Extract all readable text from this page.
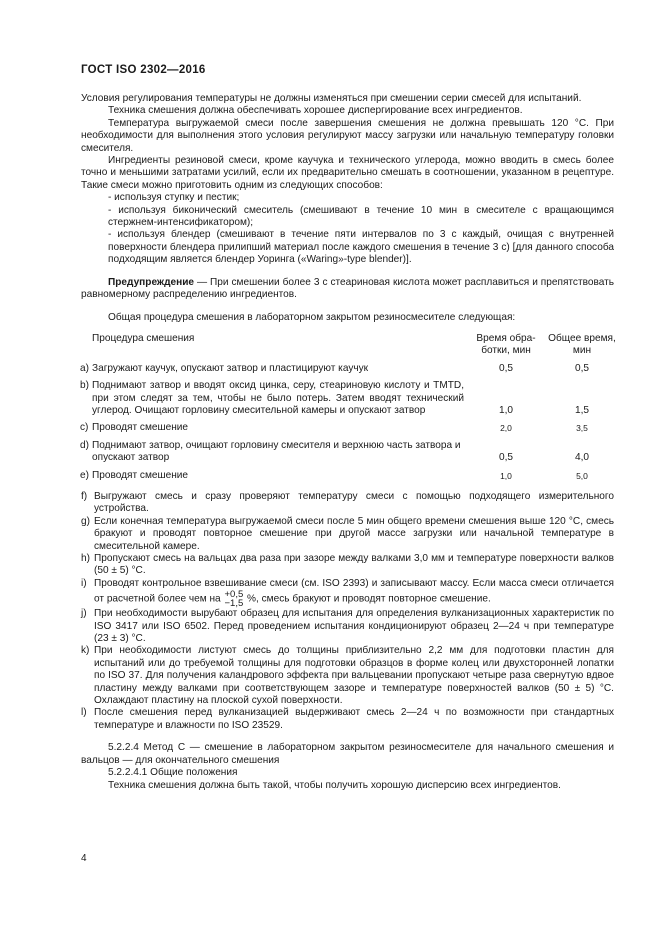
ГОСТ ISO 2302—2016

Условия регулирования температуры не должны изменяться при смешении серии смесей для испытаний.

Техника смешения должна обеспечивать хорошее диспергирование всех ингредиентов.

Температура выгружаемой смеси после завершения смешения не должна превышать 120 °С. При необходимости для выполнения этого условия регулируют массу загрузки или начальную температуру головки смесителя.

Ингредиенты резиновой смеси, кроме каучука и технического углерода, можно вводить в смесь более точно и меньшими затратами усилий, если их предварительно смешать в соотношении, указанном в рецептуре. Такие смеси можно приготовить одним из следующих способов:

- используя ступку и пестик;

- используя биконический смеситель (смешивают в течение 10 мин в смесителе с вращающимся стержнем-интенсификатором);

- используя блендер (смешивают в течение пяти интервалов по 3 с каждый, очищая с внутренней поверхности блендера прилипший материал после каждого смешения в течение 3 с) [для данного способа подходящим является блендер Уоринга («Waring»-type blender)].

Предупреждение — При смешении более 3 с стеариновая кислота может расплавиться и препятствовать равномерному распределению ингредиентов.

Общая процедура смешения в лабораторном закрытом резиносмесителе следующая:

	Процедура смешения	Время обра-
ботки, мин	Общее время,
мин
a)	Загружают каучук, опускают затвор и пластицируют каучук	0,5	0,5
b)	Поднимают затвор и вводят оксид цинка, серу, стеариновую кислоту и TMTD, при этом следят за тем, чтобы не было потерь. Затем вводят технический углерод. Очищают горловину смесительной камеры и опускают затвор	1,0	1,5
c)	Проводят смешение	2,0	3,5
d)	Поднимают затвор, очищают горловину смесителя и верхнюю часть затвора и опускают затвор	0,5	4,0
e)	Проводят смешение	1,0	5,0

f) Выгружают смесь и сразу проверяют температуру смеси с помощью подходящего измерительного устройства.

g) Если конечная температура выгружаемой смеси после 5 мин общего времени смешения выше 120 °С, смесь бракуют и проводят повторное смешение при другой массе загрузки или начальной температуре в смесительной камере.

h) Пропускают смесь на вальцах два раза при зазоре между валками 3,0 мм и температуре поверхности валков (50 ± 5) °С.

i) Проводят контрольное взвешивание смеси (см. ISO 2393) и записывают массу. Если масса смеси отличается от расчетной более чем на +0,5
−1,5 %, смесь бракуют и проводят повторное смешение.

j) При необходимости вырубают образец для испытания для определения вулканизационных характеристик по ISO 3417 или ISO 6502. Перед проведением испытания кондиционируют образец 2—24 ч при температуре (23 ± 3) °С.

k) При необходимости листуют смесь до толщины приблизительно 2,2 мм для подготовки пластин для испытаний или до требуемой толщины для подготовки образцов в форме колец или двухсторонней лопатки по ISO 37. Для получения каландрового эффекта при вальцевании пропускают четыре раза свернутую вдвое пластину между валками при соответствующем зазоре и температуре поверхностей валков (50 ± 5) °С. Охлаждают пластину на плоской сухой поверхности.

l) После смешения перед вулканизацией выдерживают смесь 2—24 ч по возможности при стандартных температуре и влажности по ISO 23529.

5.2.2.4 Метод С — смешение в лабораторном закрытом резиносмесителе для начального смешения и вальцов — для окончательного смешения

5.2.2.4.1 Общие положения

Техника смешения должна быть такой, чтобы получить хорошую дисперсию всех ингредиентов.

4
